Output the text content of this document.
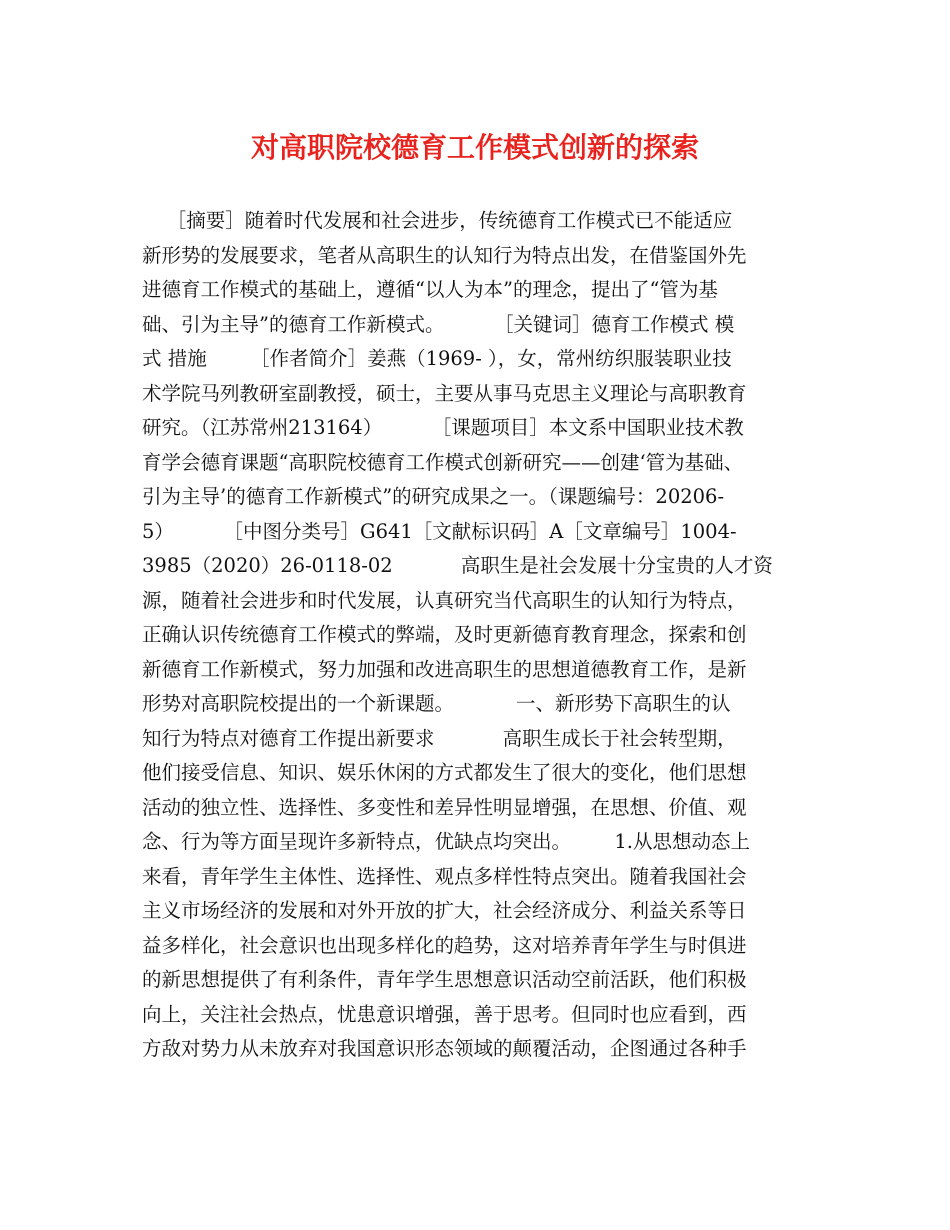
对高职院校德育工作模式创新的探索
［摘要］随着时代发展和社会进步，传统德育工作模式已不能适应
新形势的发展要求，笔者从高职生的认知行为特点出发，在借鉴国外先
进德育工作模式的基础上，遵循“以人为本”的理念，提出了“管为基
础、引为主导”的德育工作新模式。        ［关键词］德育工作模式 模
式 措施       ［作者简介］姜燕（1969- ），女，常州纺织服装职业技
术学院马列教研室副教授，硕士，主要从事马克思主义理论与高职教育
研究。（江苏常州213164）        ［课题项目］本文系中国职业技术教
育学会德育课题“高职院校德育工作模式创新研究——创建‘管为基础、
引为主导’的德育工作新模式”的研究成果之一。（课题编号：20206-
5）        ［中图分类号］G641［文献标识码］A［文章编号］1004-
3985（2020）26-0118-02           高职生是社会发展十分宝贵的人才资
源，随着社会进步和时代发展，认真研究当代高职生的认知行为特点，
正确认识传统德育工作模式的弊端，及时更新德育教育理念，探索和创
新德育工作新模式，努力加强和改进高职生的思想道德教育工作，是新
形势对高职院校提出的一个新课题。          一、新形势下高职生的认
知行为特点对德育工作提出新要求           高职生成长于社会转型期，
他们接受信息、知识、娱乐休闲的方式都发生了很大的变化，他们思想
活动的独立性、选择性、多变性和差异性明显增强，在思想、价值、观
念、行为等方面呈现许多新特点，优缺点均突出。       1.从思想动态上
来看，青年学生主体性、选择性、观点多样性特点突出。随着我国社会
主义市场经济的发展和对外开放的扩大，社会经济成分、利益关系等日
益多样化，社会意识也出现多样化的趋势，这对培养青年学生与时俱进
的新思想提供了有利条件，青年学生思想意识活动空前活跃，他们积极
向上，关注社会热点，忧患意识增强，善于思考。但同时也应看到，西
方敌对势力从未放弃对我国意识形态领域的颠覆活动，企图通过各种手
